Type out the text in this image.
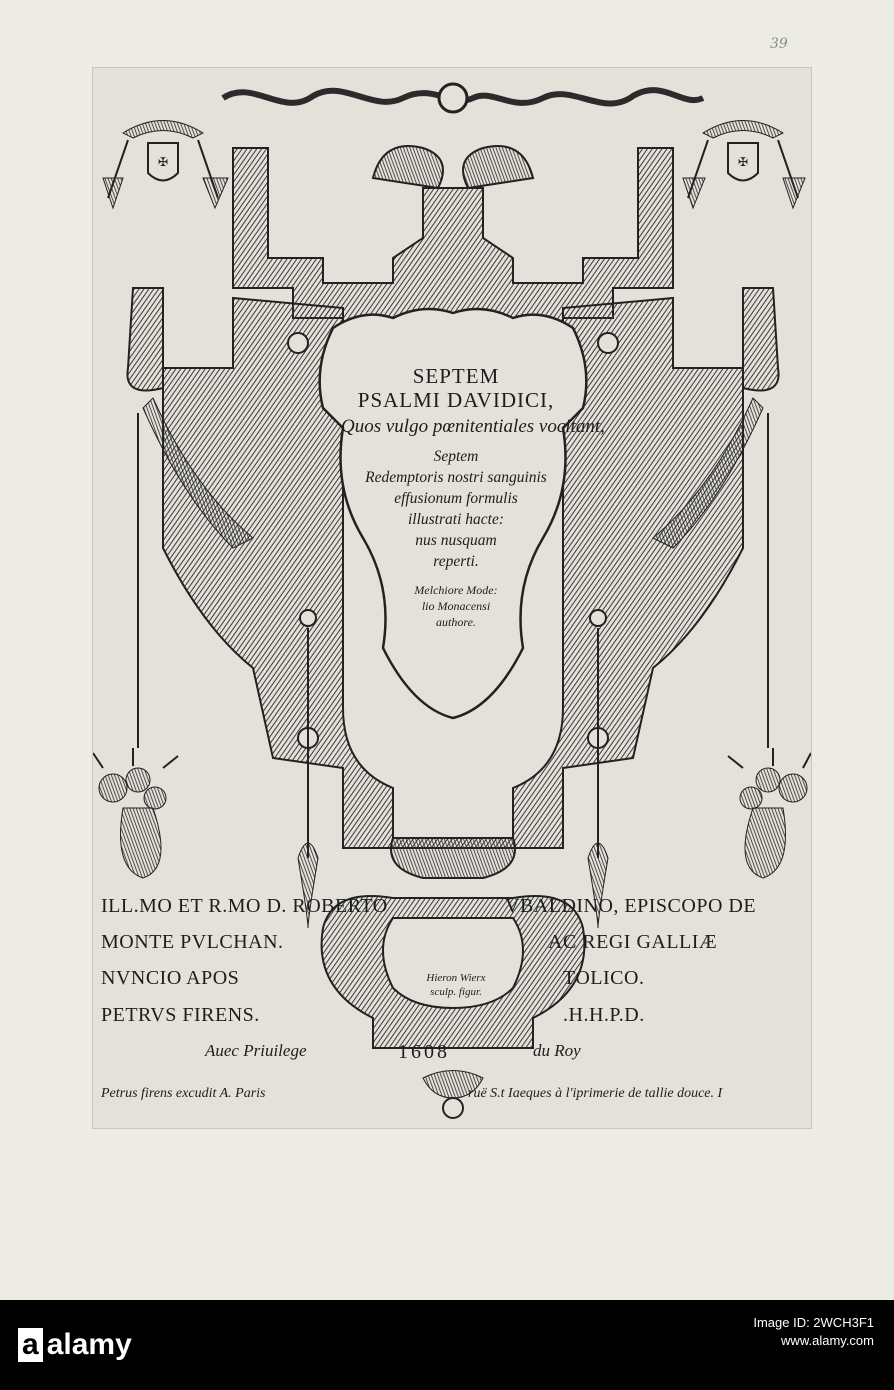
39
✠	✠
SEPTEM
PSALMI DAVIDICI,
Quos vulgo pœnitentiales vocitant,
Septem
Redemptoris nostri sanguinis
effusionum formulis
illustrati hacte:
nus nusquam
reperti.
Melchiore Mode:
lio Monacensi
authore.
ILL.MO ET R.MO D. ROBERTO	VBALDINO, EPISCOPO DE
MONTE PVLCHAN.	AC REGI GALLIÆ
NVNCIO APOS	TOLICO.
PETRVS FIRENS.	.H.H.P.D.
Auec Priuilege	du Roy
Petrus firens excudit A. Paris	ruë S.t Iaeques à l'iprimerie de tallie douce. I
Hieron Wierx
sculp. figur.
1608
a alamy
Image ID: 2WCH3F1
www.alamy.com
